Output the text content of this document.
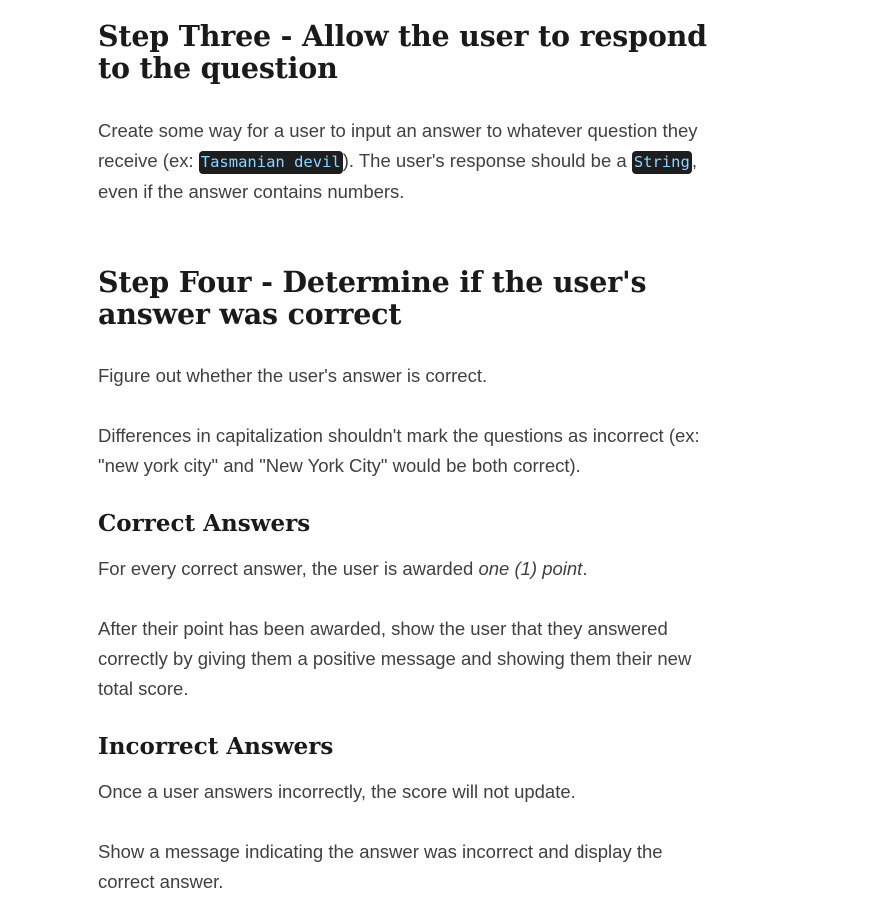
Step Three - Allow the user to respond to the question

Create some way for a user to input an answer to whatever question they receive (ex: Tasmanian devil ). The user's response should be a String , even if the answer contains numbers.

Step Four - Determine if the user's answer was correct

Figure out whether the user's answer is correct.

Differences in capitalization shouldn't mark the questions as incorrect (ex: "new york city" and "New York City" would be both correct).

Correct Answers

For every correct answer, the user is awarded one (1) point.

After their point has been awarded, show the user that they answered correctly by giving them a positive message and showing them their new total score.

Incorrect Answers

Once a user answers incorrectly, the score will not update.

Show a message indicating the answer was incorrect and display the correct answer.
